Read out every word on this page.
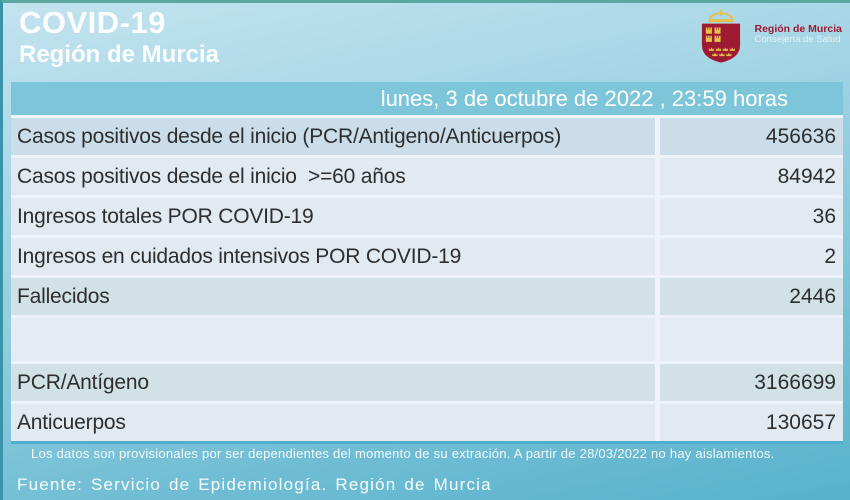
COVID-19
Región de Murcia
Región de Murcia
Consejería de Salud
lunes, 3 de octubre de 2022 , 23:59 horas
Casos positivos desde el inicio (PCR/Antigeno/Anticuerpos)	456636
Casos positivos desde el inicio  >=60 años	84942
Ingresos totales POR COVID-19	36
Ingresos en cuidados intensivos POR COVID-19	2
Fallecidos	2446
PCR/Antígeno	3166699
Anticuerpos	130657
Los datos son provisionales por ser dependientes del momento de su extración. A partir de 28/03/2022 no hay aislamientos.
Fuente: Servicio de Epidemiología. Región de Murcia
